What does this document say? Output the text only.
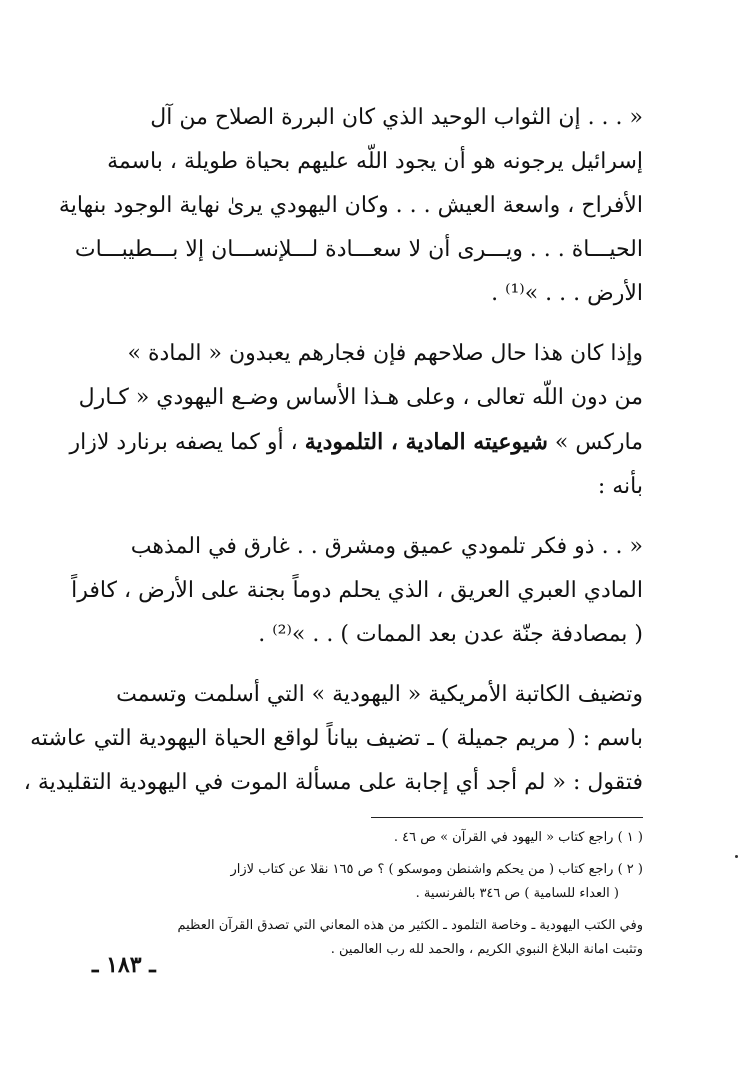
« . . . إن الثواب الوحيد الذي كان البررة الصلاح من آل
إسرائيل يرجونه هو أن يجود اللّه عليهم بحياة طويلة ، باسمة
الأفراح ، واسعة العيش . . . وكان اليهودي يرىٰ نهاية الوجود بنهاية
الحيـــاة . . . ويـــرى أن لا سعـــادة لـــلإنســـان إلا بـــطيبـــات
الأرض . . . »⁽¹⁾ .

وإذا كان هذا حال صلاحهم فإن فجارهم يعبدون « المادة »
من دون اللّه تعالى ، وعلى هـذا الأساس وضـع اليهودي « كـارل
ماركس » شيوعيته المادية ، التلمودية ، أو كما يصفه برنارد لازار
بأنه :

« . . ذو فكر تلمودي عميق ومشرق . . غارق في المذهب
المادي العبري العريق ، الذي يحلم دوماً بجنة على الأرض ، كافراً
( بمصادفة جنّة عدن بعد الممات ) . . »⁽²⁾ .

وتضيف الكاتبة الأمريكية « اليهودية » التي أسلمت وتسمت
باسم : ( مريم جميلة ) ـ تضيف بياناً لواقع الحياة اليهودية التي عاشته
فتقول : « لم أجد أي إجابة على مسألة الموت في اليهودية التقليدية ،

( ١ ) راجع كتاب « اليهود في القرآن » ص ٤٦ .
( ٢ ) راجع كتاب ( من يحكم واشنطن وموسكو ) ؟ ص ١٦٥ نقلا عن كتاب لازار
( العداء للسامية ) ص ٣٤٦ بالفرنسية .
وفي الكتب اليهودية ـ وخاصة التلمود ـ الكثير من هذه المعاني التي تصدق القرآن العظيم
وتثبت امانة البلاغ النبوي الكريم ، والحمد لله رب العالمين .
ـ ١٨٣ ـ
